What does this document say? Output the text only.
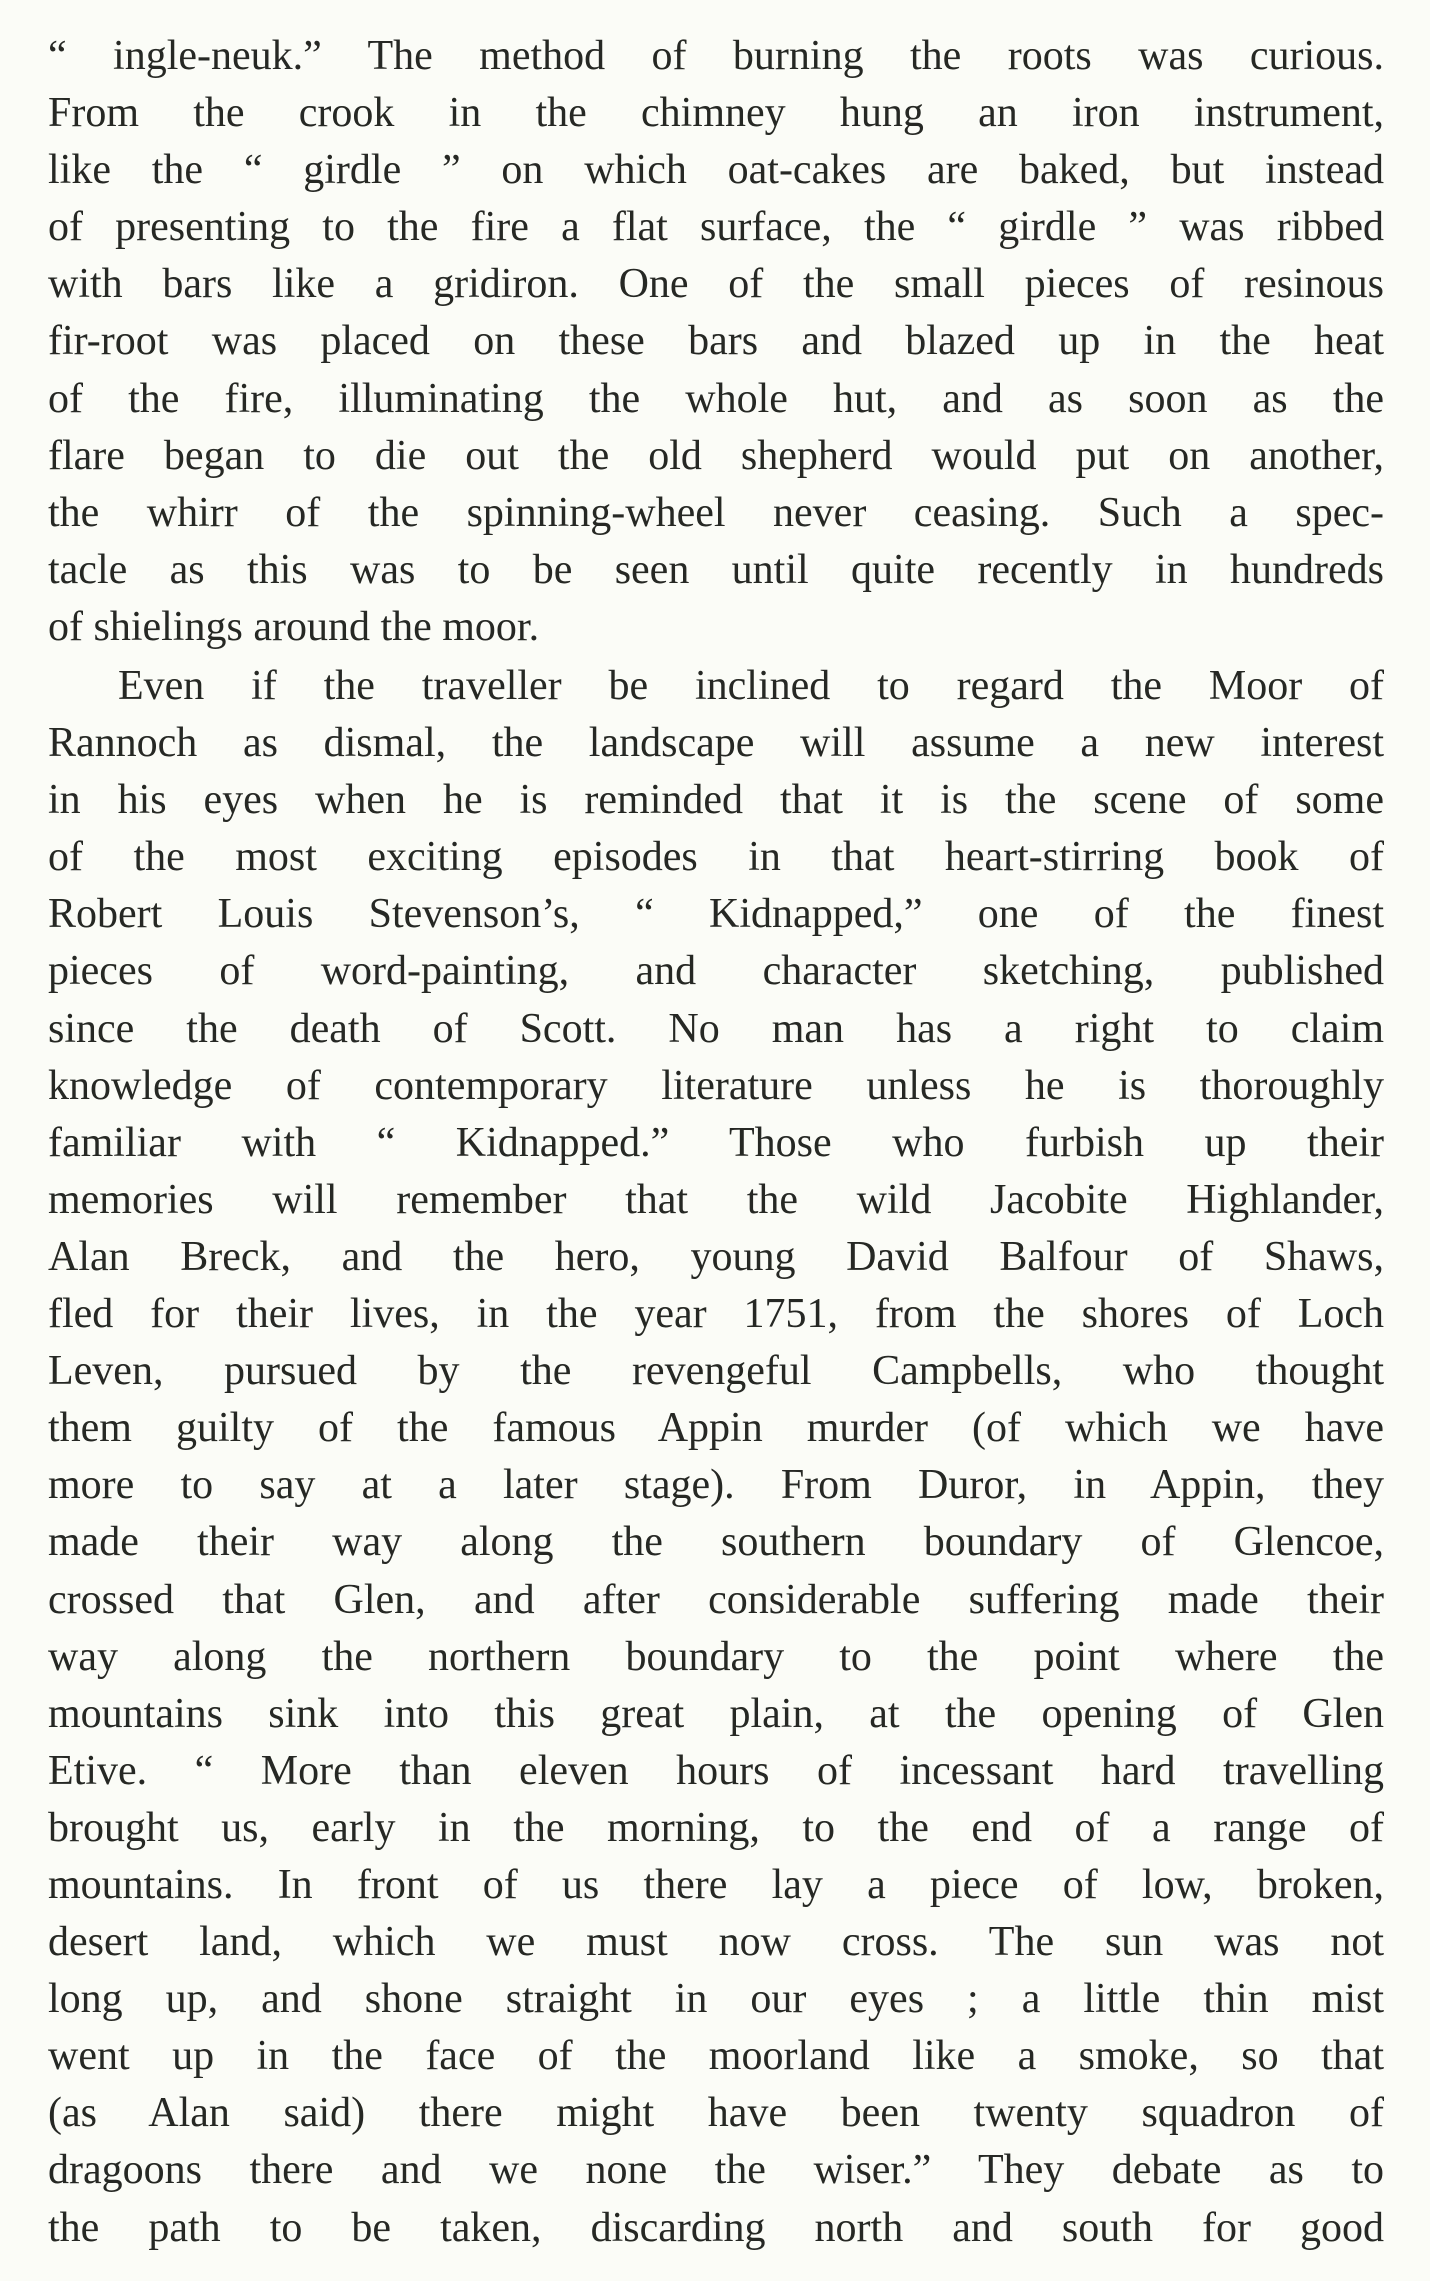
“ ingle-neuk.” The method of burning the roots was curious.
From the crook in the chimney hung an iron instrument,
like the “ girdle ” on which oat-cakes are baked, but instead
of presenting to the fire a flat surface, the “ girdle ” was ribbed
with bars like a gridiron. One of the small pieces of resinous
fir-root was placed on these bars and blazed up in the heat
of the fire, illuminating the whole hut, and as soon as the
flare began to die out the old shepherd would put on another,
the whirr of the spinning-wheel never ceasing. Such a spec-
tacle as this was to be seen until quite recently in hundreds
of shielings around the moor.
Even if the traveller be inclined to regard the Moor of
Rannoch as dismal, the landscape will assume a new interest
in his eyes when he is reminded that it is the scene of some
of the most exciting episodes in that heart-stirring book of
Robert Louis Stevenson’s, “ Kidnapped,” one of the finest
pieces of word-painting, and character sketching, published
since the death of Scott. No man has a right to claim
knowledge of contemporary literature unless he is thoroughly
familiar with “ Kidnapped.” Those who furbish up their
memories will remember that the wild Jacobite Highlander,
Alan Breck, and the hero, young David Balfour of Shaws,
fled for their lives, in the year 1751, from the shores of Loch
Leven, pursued by the revengeful Campbells, who thought
them guilty of the famous Appin murder (of which we have
more to say at a later stage). From Duror, in Appin, they
made their way along the southern boundary of Glencoe,
crossed that Glen, and after considerable suffering made their
way along the northern boundary to the point where the
mountains sink into this great plain, at the opening of Glen
Etive. “ More than eleven hours of incessant hard travelling
brought us, early in the morning, to the end of a range of
mountains. In front of us there lay a piece of low, broken,
desert land, which we must now cross. The sun was not
long up, and shone straight in our eyes ; a little thin mist
went up in the face of the moorland like a smoke, so that
(as Alan said) there might have been twenty squadron of
dragoons there and we none the wiser.” They debate as to
the path to be taken, discarding north and south for good
